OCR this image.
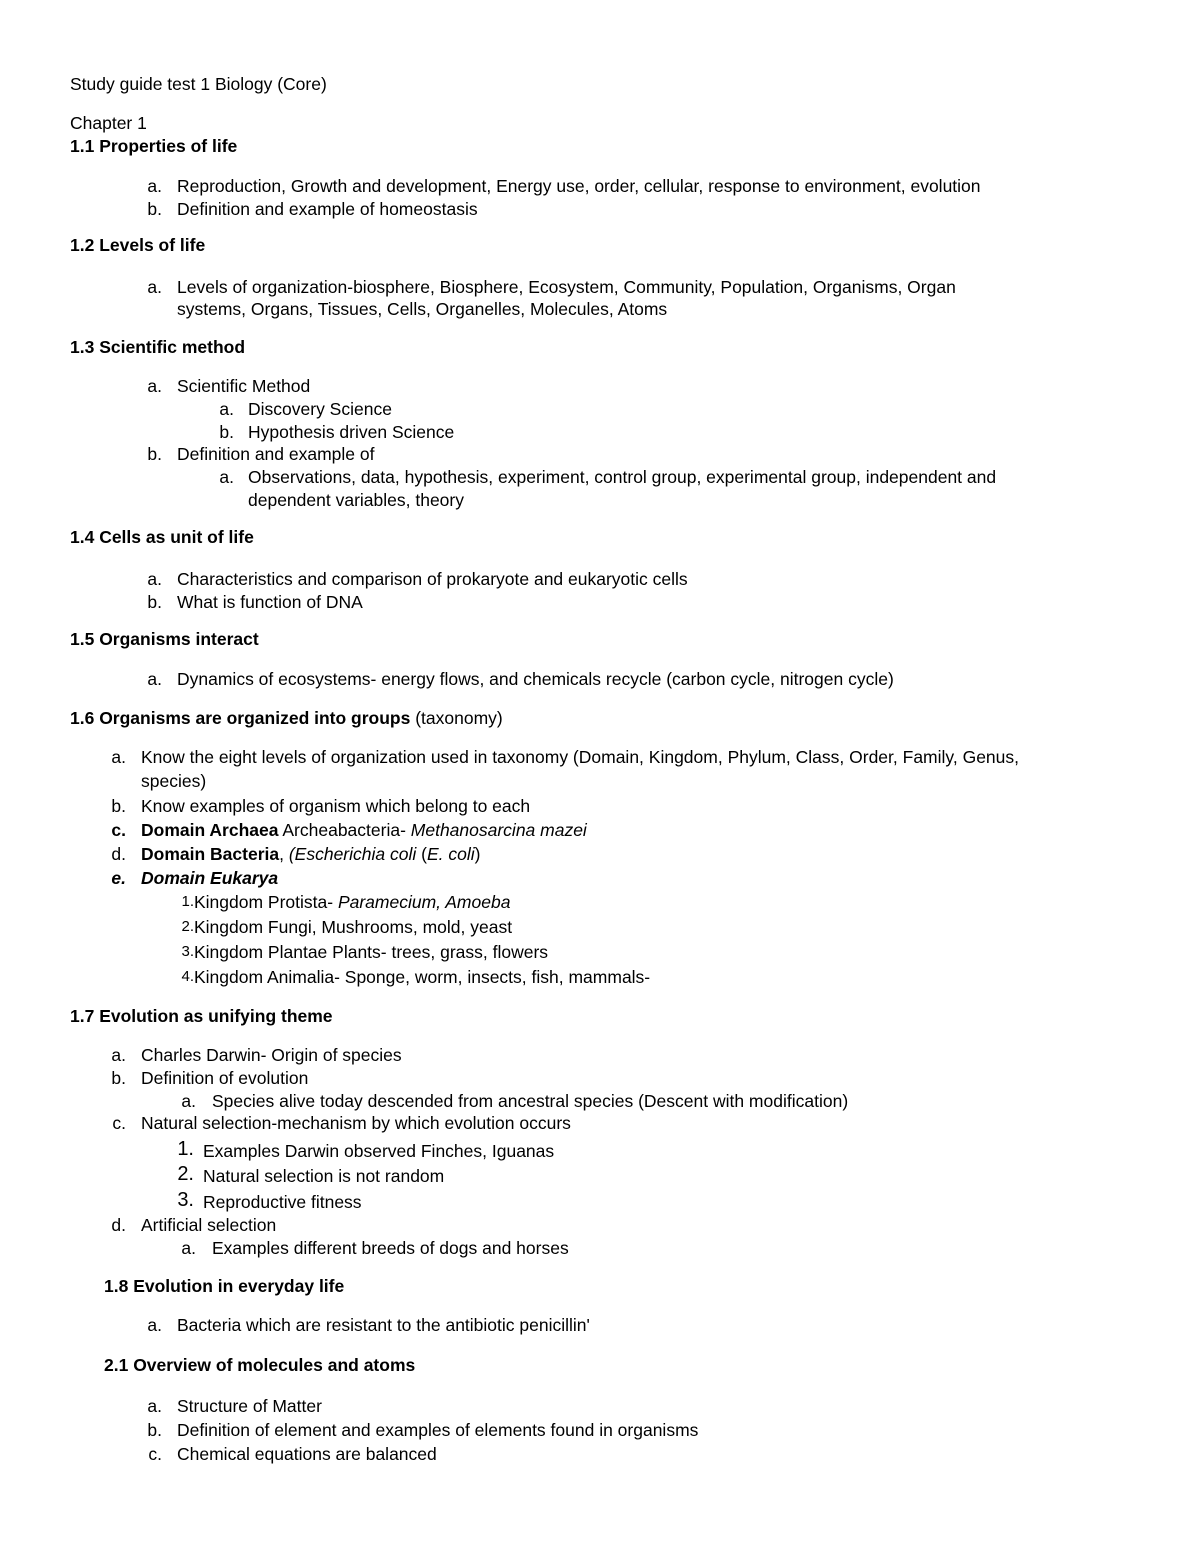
Study guide test 1 Biology (Core)
Chapter 1
1.1 Properties of life
a. Reproduction, Growth and development, Energy use, order, cellular, response to environment, evolution
b. Definition and example of homeostasis
1.2 Levels of life
a. Levels of organization-biosphere, Biosphere, Ecosystem, Community, Population, Organisms, Organ
systems, Organs, Tissues, Cells, Organelles, Molecules, Atoms
1.3 Scientific method
a. Scientific Method
a. Discovery Science
b. Hypothesis driven Science
b. Definition and example of
a. Observations, data, hypothesis, experiment, control group, experimental group, independent and
dependent variables, theory
1.4 Cells as unit of life
a. Characteristics and comparison of prokaryote and eukaryotic cells
b. What is function of DNA
1.5 Organisms interact
a. Dynamics of ecosystems- energy flows, and chemicals recycle (carbon cycle, nitrogen cycle)
1.6 Organisms are organized into groups (taxonomy)
a. Know the eight levels of organization used in taxonomy (Domain, Kingdom, Phylum, Class, Order, Family, Genus,
species)
b. Know examples of organism which belong to each
c. Domain Archaea Archeabacteria- Methanosarcina mazei
d. Domain Bacteria, (Escherichia coli (E. coli)
e. Domain Eukarya
1. Kingdom Protista- Paramecium, Amoeba
2. Kingdom Fungi, Mushrooms, mold, yeast
3. Kingdom Plantae Plants- trees, grass, flowers
4. Kingdom Animalia- Sponge, worm, insects, fish, mammals-
1.7 Evolution as unifying theme
a. Charles Darwin- Origin of species
b. Definition of evolution
a. Species alive today descended from ancestral species (Descent with modification)
c. Natural selection-mechanism by which evolution occurs
1. Examples Darwin observed Finches, Iguanas
2. Natural selection is not random
3. Reproductive fitness
d. Artificial selection
a. Examples different breeds of dogs and horses
1.8 Evolution in everyday life
a. Bacteria which are resistant to the antibiotic penicillin'
2.1 Overview of molecules and atoms
a. Structure of Matter
b. Definition of element and examples of elements found in organisms
c. Chemical equations are balanced
